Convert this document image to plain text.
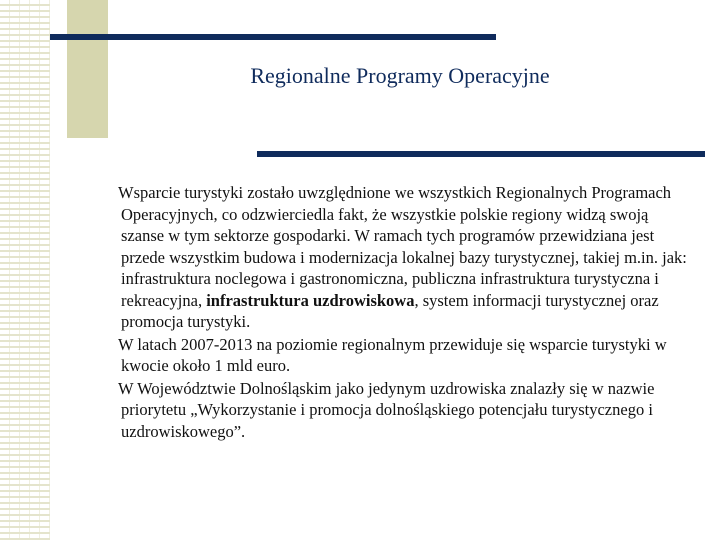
Regionalne Programy Operacyjne

Wsparcie turystyki zostało uwzględnione we wszystkich Regionalnych Programach Operacyjnych, co odzwierciedla fakt, że wszystkie polskie regiony widzą swoją szanse w tym sektorze gospodarki. W ramach tych programów przewidziana jest przede wszystkim budowa i modernizacja lokalnej bazy turystycznej, takiej m.in. jak: infrastruktura noclegowa i gastronomiczna, publiczna infrastruktura turystyczna i rekreacyjna, infrastruktura uzdrowiskowa, system informacji turystycznej oraz promocja turystyki.

W latach 2007-2013 na poziomie regionalnym przewiduje się wsparcie turystyki w kwocie około 1 mld euro.

W Województwie Dolnośląskim jako jedynym uzdrowiska znalazły się w nazwie priorytetu „Wykorzystanie i promocja dolnośląskiego potencjału turystycznego i uzdrowiskowego”.
